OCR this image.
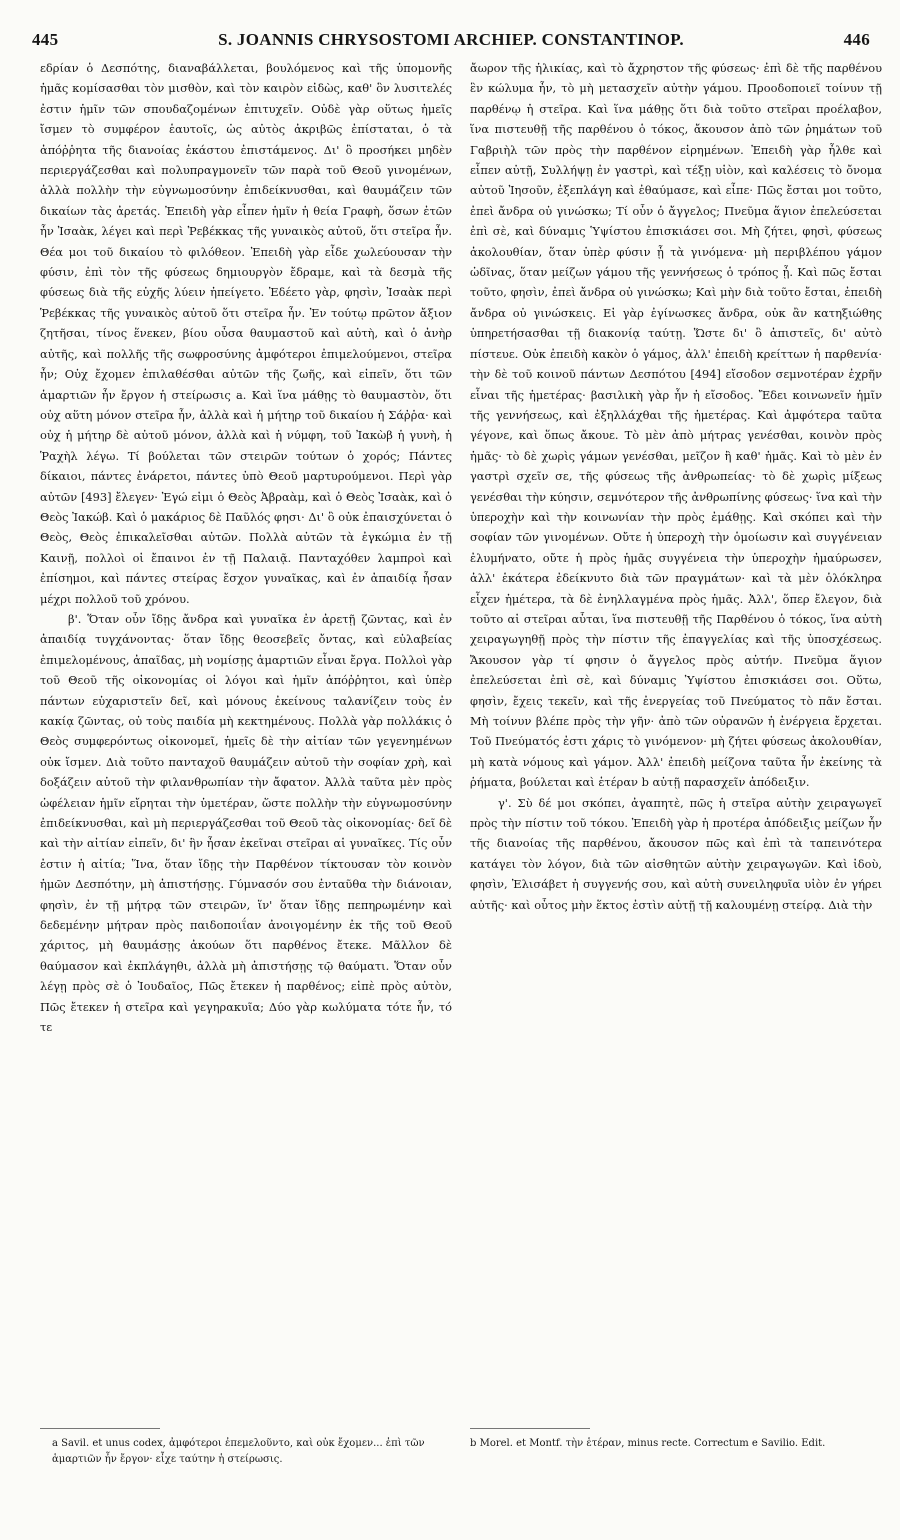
445	S. JOANNIS CHRYSOSTOMI ARCHIEP. CONSTANTINOP.	446

εδρίαν ὁ Δεσπότης, διαναβάλλεται, βουλόμενος καὶ τῆς ὑπομονῆς ἡμᾶς κομίσασθαι τὸν μισθὸν, καὶ τὸν καιρὸν εἰδὼς, καθ' ὃν λυσιτελές ἐστιν ἡμῖν τῶν σπουδαζομένων ἐπιτυχεῖν. Οὐδὲ γὰρ οὕτως ἡμεῖς ἴσμεν τὸ συμφέρον ἑαυτοῖς, ὡς αὐτὸς ἀκριβῶς ἐπίσταται, ὁ τὰ ἀπόῤῥητα τῆς διανοίας ἑκάστου ἐπιστάμενος. Δι' ὃ προσήκει μηδὲν περιεργάζεσθαι καὶ πολυπραγμονεῖν τῶν παρὰ τοῦ Θεοῦ γινομένων, ἀλλὰ πολλὴν τὴν εὐγνωμοσύνην ἐπιδείκνυσθαι, καὶ θαυμάζειν τῶν δικαίων τὰς ἀρετάς. Ἐπειδὴ γὰρ εἶπεν ἡμῖν ἡ θεία Γραφὴ, ὅσων ἐτῶν ἦν Ἰσαὰκ, λέγει καὶ περὶ Ῥεβέκκας τῆς γυναικὸς αὐτοῦ, ὅτι στεῖρα ἦν. Θέα μοι τοῦ δικαίου τὸ φιλόθεον. Ἐπειδὴ γὰρ εἶδε χωλεύουσαν τὴν φύσιν, ἐπὶ τὸν τῆς φύσεως δημιουργὸν ἔδραμε, καὶ τὰ δεσμὰ τῆς φύσεως διὰ τῆς εὐχῆς λύειν ἠπείγετο. Ἐδέετο γὰρ, φησὶν, Ἰσαὰκ περὶ Ῥεβέκκας τῆς γυναικὸς αὐτοῦ ὅτι στεῖρα ἦν. Ἐν τούτῳ πρῶτον ἄξιον ζητῆσαι, τίνος ἕνεκεν, βίου οὖσα θαυμαστοῦ καὶ αὐτὴ, καὶ ὁ ἀνὴρ αὐτῆς, καὶ πολλῆς τῆς σωφροσύνης ἀμφότεροι ἐπιμελούμενοι, στεῖρα ἦν; Οὐχ ἔχομεν ἐπιλαθέσθαι αὐτῶν τῆς ζωῆς, καὶ εἰπεῖν, ὅτι τῶν ἁμαρτιῶν ἦν ἔργον ἡ στείρωσις a. Καὶ ἵνα μάθῃς τὸ θαυμαστὸν, ὅτι οὐχ αὕτη μόνον στεῖρα ἦν, ἀλλὰ καὶ ἡ μήτηρ τοῦ δικαίου ἡ Σάῤῥα· καὶ οὐχ ἡ μήτηρ δὲ αὐτοῦ μόνον, ἀλλὰ καὶ ἡ νύμφη, τοῦ Ἰακὼβ ἡ γυνὴ, ἡ Ῥαχὴλ λέγω. Τί βούλεται τῶν στειρῶν τούτων ὁ χορός; Πάντες δίκαιοι, πάντες ἐνάρετοι, πάντες ὑπὸ Θεοῦ μαρτυρούμενοι. Περὶ γὰρ αὐτῶν [493] ἔλεγεν· Ἐγώ εἰμι ὁ Θεὸς Ἀβραὰμ, καὶ ὁ Θεὸς Ἰσαὰκ, καὶ ὁ Θεὸς Ἰακώβ. Καὶ ὁ μακάριος δὲ Παῦλός φησι· Δι' ὃ οὐκ ἐπαισχύνεται ὁ Θεὸς, Θεὸς ἐπικαλεῖσθαι αὐτῶν. Πολλὰ αὐτῶν τὰ ἐγκώμια ἐν τῇ Καινῇ, πολλοὶ οἱ ἔπαινοι ἐν τῇ Παλαιᾷ. Πανταχόθεν λαμπροὶ καὶ ἐπίσημοι, καὶ πάντες στείρας ἔσχον γυναῖκας, καὶ ἐν ἀπαιδίᾳ ἦσαν μέχρι πολλοῦ τοῦ χρόνου.

β'. Ὅταν οὖν ἴδῃς ἄνδρα καὶ γυναῖκα ἐν ἀρετῇ ζῶντας, καὶ ἐν ἀπαιδίᾳ τυγχάνοντας· ὅταν ἴδῃς θεοσεβεῖς ὄντας, καὶ εὐλαβείας ἐπιμελομένους, ἀπαῖδας, μὴ νομίσῃς ἁμαρτιῶν εἶναι ἔργα. Πολλοὶ γὰρ τοῦ Θεοῦ τῆς οἰκονομίας οἱ λόγοι καὶ ἡμῖν ἀπόῤῥητοι, καὶ ὑπὲρ πάντων εὐχαριστεῖν δεῖ, καὶ μόνους ἐκείνους ταλανίζειν τοὺς ἐν κακίᾳ ζῶντας, οὐ τοὺς παιδία μὴ κεκτημένους. Πολλὰ γὰρ πολλάκις ὁ Θεὸς συμφερόντως οἰκονομεῖ, ἡμεῖς δὲ τὴν αἰτίαν τῶν γεγενημένων οὐκ ἴσμεν. Διὰ τοῦτο πανταχοῦ θαυμάζειν αὐτοῦ τὴν σοφίαν χρὴ, καὶ δοξάζειν αὐτοῦ τὴν φιλανθρωπίαν τὴν ἄφατον. Ἀλλὰ ταῦτα μὲν πρὸς ὠφέλειαν ἡμῖν εἴρηται τὴν ὑμετέραν, ὥστε πολλὴν τὴν εὐγνωμοσύνην ἐπιδείκνυσθαι, καὶ μὴ περιεργάζεσθαι τοῦ Θεοῦ τὰς οἰκονομίας· δεῖ δὲ καὶ τὴν αἰτίαν εἰπεῖν, δι' ἣν ἦσαν ἐκεῖναι στεῖραι αἱ γυναῖκες. Τίς οὖν ἐστιν ἡ αἰτία; Ἵνα, ὅταν ἴδῃς τὴν Παρθένον τίκτουσαν τὸν κοινὸν ἡμῶν Δεσπότην, μὴ ἀπιστήσῃς. Γύμνασόν σου ἐνταῦθα τὴν διάνοιαν, φησὶν, ἐν τῇ μήτρᾳ τῶν στειρῶν, ἵν' ὅταν ἴδῃς πεπηρωμένην καὶ δεδεμένην μήτραν πρὸς παιδοποιΐαν ἀνοιγομένην ἐκ τῆς τοῦ Θεοῦ χάριτος, μὴ θαυμάσῃς ἀκούων ὅτι παρθένος ἔτεκε. Μᾶλλον δὲ θαύμασον καὶ ἐκπλάγηθι, ἀλλὰ μὴ ἀπιστήσῃς τῷ θαύματι. Ὅταν οὖν λέγῃ πρὸς σὲ ὁ Ἰουδαῖος, Πῶς ἔτεκεν ἡ παρθένος; εἰπὲ πρὸς αὐτὸν, Πῶς ἔτεκεν ἡ στεῖρα καὶ γεγηρακυῖα; Δύο γὰρ κωλύματα τότε ἦν, τό τε

ἄωρον τῆς ἡλικίας, καὶ τὸ ἄχρηστον τῆς φύσεως· ἐπὶ δὲ τῆς παρθένου ἓν κώλυμα ἦν, τὸ μὴ μετασχεῖν αὐτὴν γάμου. Προοδοποιεῖ τοίνυν τῇ παρθένῳ ἡ στεῖρα. Καὶ ἵνα μάθῃς ὅτι διὰ τοῦτο στεῖραι προέλαβον, ἵνα πιστευθῇ τῆς παρθένου ὁ τόκος, ἄκουσον ἀπὸ τῶν ῥημάτων τοῦ Γαβριὴλ τῶν πρὸς τὴν παρθένον εἰρημένων. Ἐπειδὴ γὰρ ἦλθε καὶ εἶπεν αὐτῇ, Συλλήψῃ ἐν γαστρὶ, καὶ τέξῃ υἱὸν, καὶ καλέσεις τὸ ὄνομα αὐτοῦ Ἰησοῦν, ἐξεπλάγη καὶ ἐθαύμασε, καὶ εἶπε· Πῶς ἔσται μοι τοῦτο, ἐπεὶ ἄνδρα οὐ γινώσκω; Τί οὖν ὁ ἄγγελος; Πνεῦμα ἅγιον ἐπελεύσεται ἐπὶ σὲ, καὶ δύναμις Ὑψίστου ἐπισκιάσει σοι. Μὴ ζήτει, φησὶ, φύσεως ἀκολουθίαν, ὅταν ὑπὲρ φύσιν ᾖ τὰ γινόμενα· μὴ περιβλέπου γάμον ὠδῖνας, ὅταν μείζων γάμου τῆς γεννήσεως ὁ τρόπος ᾖ. Καὶ πῶς ἔσται τοῦτο, φησὶν, ἐπεὶ ἄνδρα οὐ γινώσκω; Καὶ μὴν διὰ τοῦτο ἔσται, ἐπειδὴ ἄνδρα οὐ γινώσκεις. Εἰ γὰρ ἐγίνωσκες ἄνδρα, οὐκ ἂν κατηξιώθης ὑπηρετήσασθαι τῇ διακονίᾳ ταύτῃ. Ὥστε δι' ὃ ἀπιστεῖς, δι' αὐτὸ πίστευε. Οὐκ ἐπειδὴ κακὸν ὁ γάμος, ἀλλ' ἐπειδὴ κρείττων ἡ παρθενία· τὴν δὲ τοῦ κοινοῦ πάντων Δεσπότου [494] εἴσοδον σεμνοτέραν ἐχρῆν εἶναι τῆς ἡμετέρας· βασιλικὴ γὰρ ἦν ἡ εἴσοδος. Ἔδει κοινωνεῖν ἡμῖν τῆς γεννήσεως, καὶ ἐξηλλάχθαι τῆς ἡμετέρας. Καὶ ἀμφότερα ταῦτα γέγονε, καὶ ὅπως ἄκουε. Τὸ μὲν ἀπὸ μήτρας γενέσθαι, κοινὸν πρὸς ἡμᾶς· τὸ δὲ χωρὶς γάμων γενέσθαι, μεῖζον ἢ καθ' ἡμᾶς. Καὶ τὸ μὲν ἐν γαστρὶ σχεῖν σε, τῆς φύσεως τῆς ἀνθρωπείας· τὸ δὲ χωρὶς μίξεως γενέσθαι τὴν κύησιν, σεμνότερον τῆς ἀνθρωπίνης φύσεως· ἵνα καὶ τὴν ὑπεροχὴν καὶ τὴν κοινωνίαν τὴν πρὸς ἐμάθῃς. Καὶ σκόπει καὶ τὴν σοφίαν τῶν γινομένων. Οὔτε ἡ ὑπεροχὴ τὴν ὁμοίωσιν καὶ συγγένειαν ἐλυμήνατο, οὔτε ἡ πρὸς ἡμᾶς συγγένεια τὴν ὑπεροχὴν ἠμαύρωσεν, ἀλλ' ἑκάτερα ἐδείκνυτο διὰ τῶν πραγμάτων· καὶ τὰ μὲν ὁλόκληρα εἶχεν ἡμέτερα, τὰ δὲ ἐνηλλαγμένα πρὸς ἡμᾶς. Ἀλλ', ὅπερ ἔλεγον, διὰ τοῦτο αἱ στεῖραι αὗται, ἵνα πιστευθῇ τῆς Παρθένου ὁ τόκος, ἵνα αὐτὴ χειραγωγηθῇ πρὸς τὴν πίστιν τῆς ἐπαγγελίας καὶ τῆς ὑποσχέσεως. Ἄκουσον γὰρ τί φησιν ὁ ἄγγελος πρὸς αὐτήν. Πνεῦμα ἅγιον ἐπελεύσεται ἐπὶ σὲ, καὶ δύναμις Ὑψίστου ἐπισκιάσει σοι. Οὕτω, φησὶν, ἔχεις τεκεῖν, καὶ τῆς ἐνεργείας τοῦ Πνεύματος τὸ πᾶν ἔσται. Μὴ τοίνυν βλέπε πρὸς τὴν γῆν· ἀπὸ τῶν οὐρανῶν ἡ ἐνέργεια ἔρχεται. Τοῦ Πνεύματός ἐστι χάρις τὸ γινόμενον· μὴ ζήτει φύσεως ἀκολουθίαν, μὴ κατὰ νόμους καὶ γάμον. Ἀλλ' ἐπειδὴ μείζονα ταῦτα ἦν ἐκείνης τὰ ῥήματα, βούλεται καὶ ἑτέραν b αὐτῇ παρασχεῖν ἀπόδειξιν.

γ'. Σὺ δέ μοι σκόπει, ἀγαπητὲ, πῶς ἡ στεῖρα αὐτὴν χειραγωγεῖ πρὸς τὴν πίστιν τοῦ τόκου. Ἐπειδὴ γὰρ ἡ προτέρα ἀπόδειξις μείζων ἦν τῆς διανοίας τῆς παρθένου, ἄκουσον πῶς καὶ ἐπὶ τὰ ταπεινότερα κατάγει τὸν λόγον, διὰ τῶν αἰσθητῶν αὐτὴν χειραγωγῶν. Καὶ ἰδοὺ, φησὶν, Ἐλισάβετ ἡ συγγενής σου, καὶ αὐτὴ συνειληφυῖα υἱὸν ἐν γήρει αὐτῆς· καὶ οὗτος μὴν ἕκτος ἐστὶν αὐτῇ τῇ καλουμένῃ στείρᾳ. Διὰ τὴν

a Savil. et unus codex, ἀμφότεροι ἐπεμελοῦντο, καὶ οὐκ ἔχομεν... ἐπὶ τῶν ἁμαρτιῶν ἦν ἔργον· εἶχε ταύτην ἡ στείρωσις.
b Morel. et Montf. τὴν ἑτέραν, minus recte. Correctum e Savilio. Edit.
